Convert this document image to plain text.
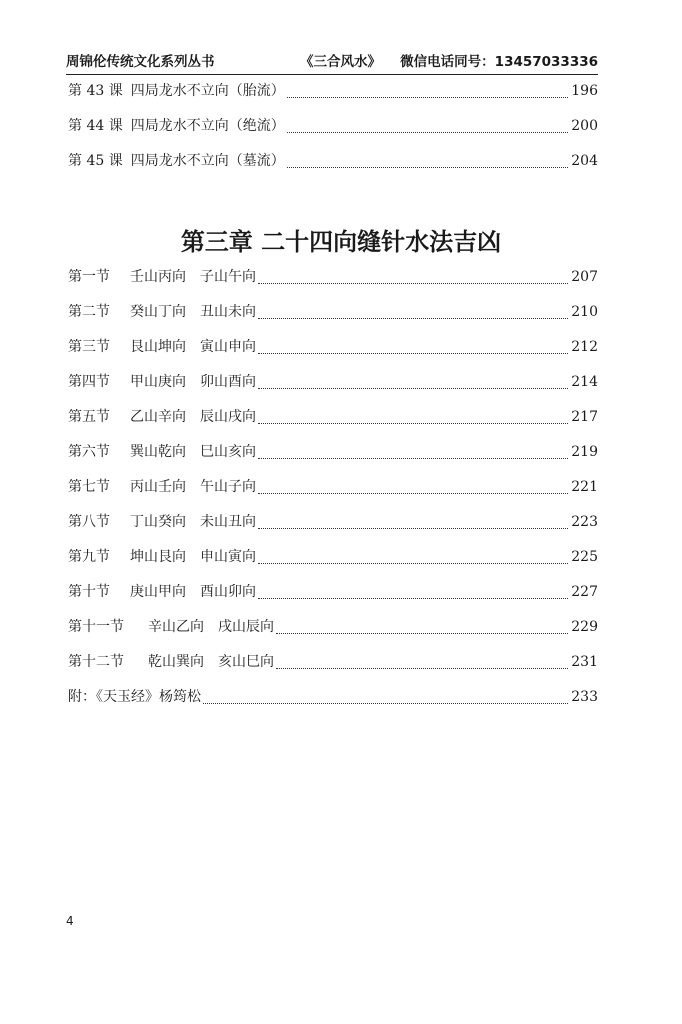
周锦伦传统文化系列丛书	《三合风水》 微信电话同号：13457033336
第 43 课 四局龙水不立向（胎流）	196
第 44 课 四局龙水不立向（绝流）	200
第 45 课 四局龙水不立向（墓流）	204
第三章 二十四向缝针水法吉凶
第一节	壬山丙向	子山午向	207
第二节	癸山丁向	丑山未向	210
第三节	艮山坤向	寅山申向	212
第四节	甲山庚向	卯山酉向	214
第五节	乙山辛向	辰山戌向	217
第六节	巽山乾向	巳山亥向	219
第七节	丙山壬向	午山子向	221
第八节	丁山癸向	未山丑向	223
第九节	坤山艮向	申山寅向	225
第十节	庚山甲向	酉山卯向	227
第十一节	辛山乙向	戌山辰向	229
第十二节	乾山巽向	亥山巳向	231
附：《天玉经》杨筠松	233
4
